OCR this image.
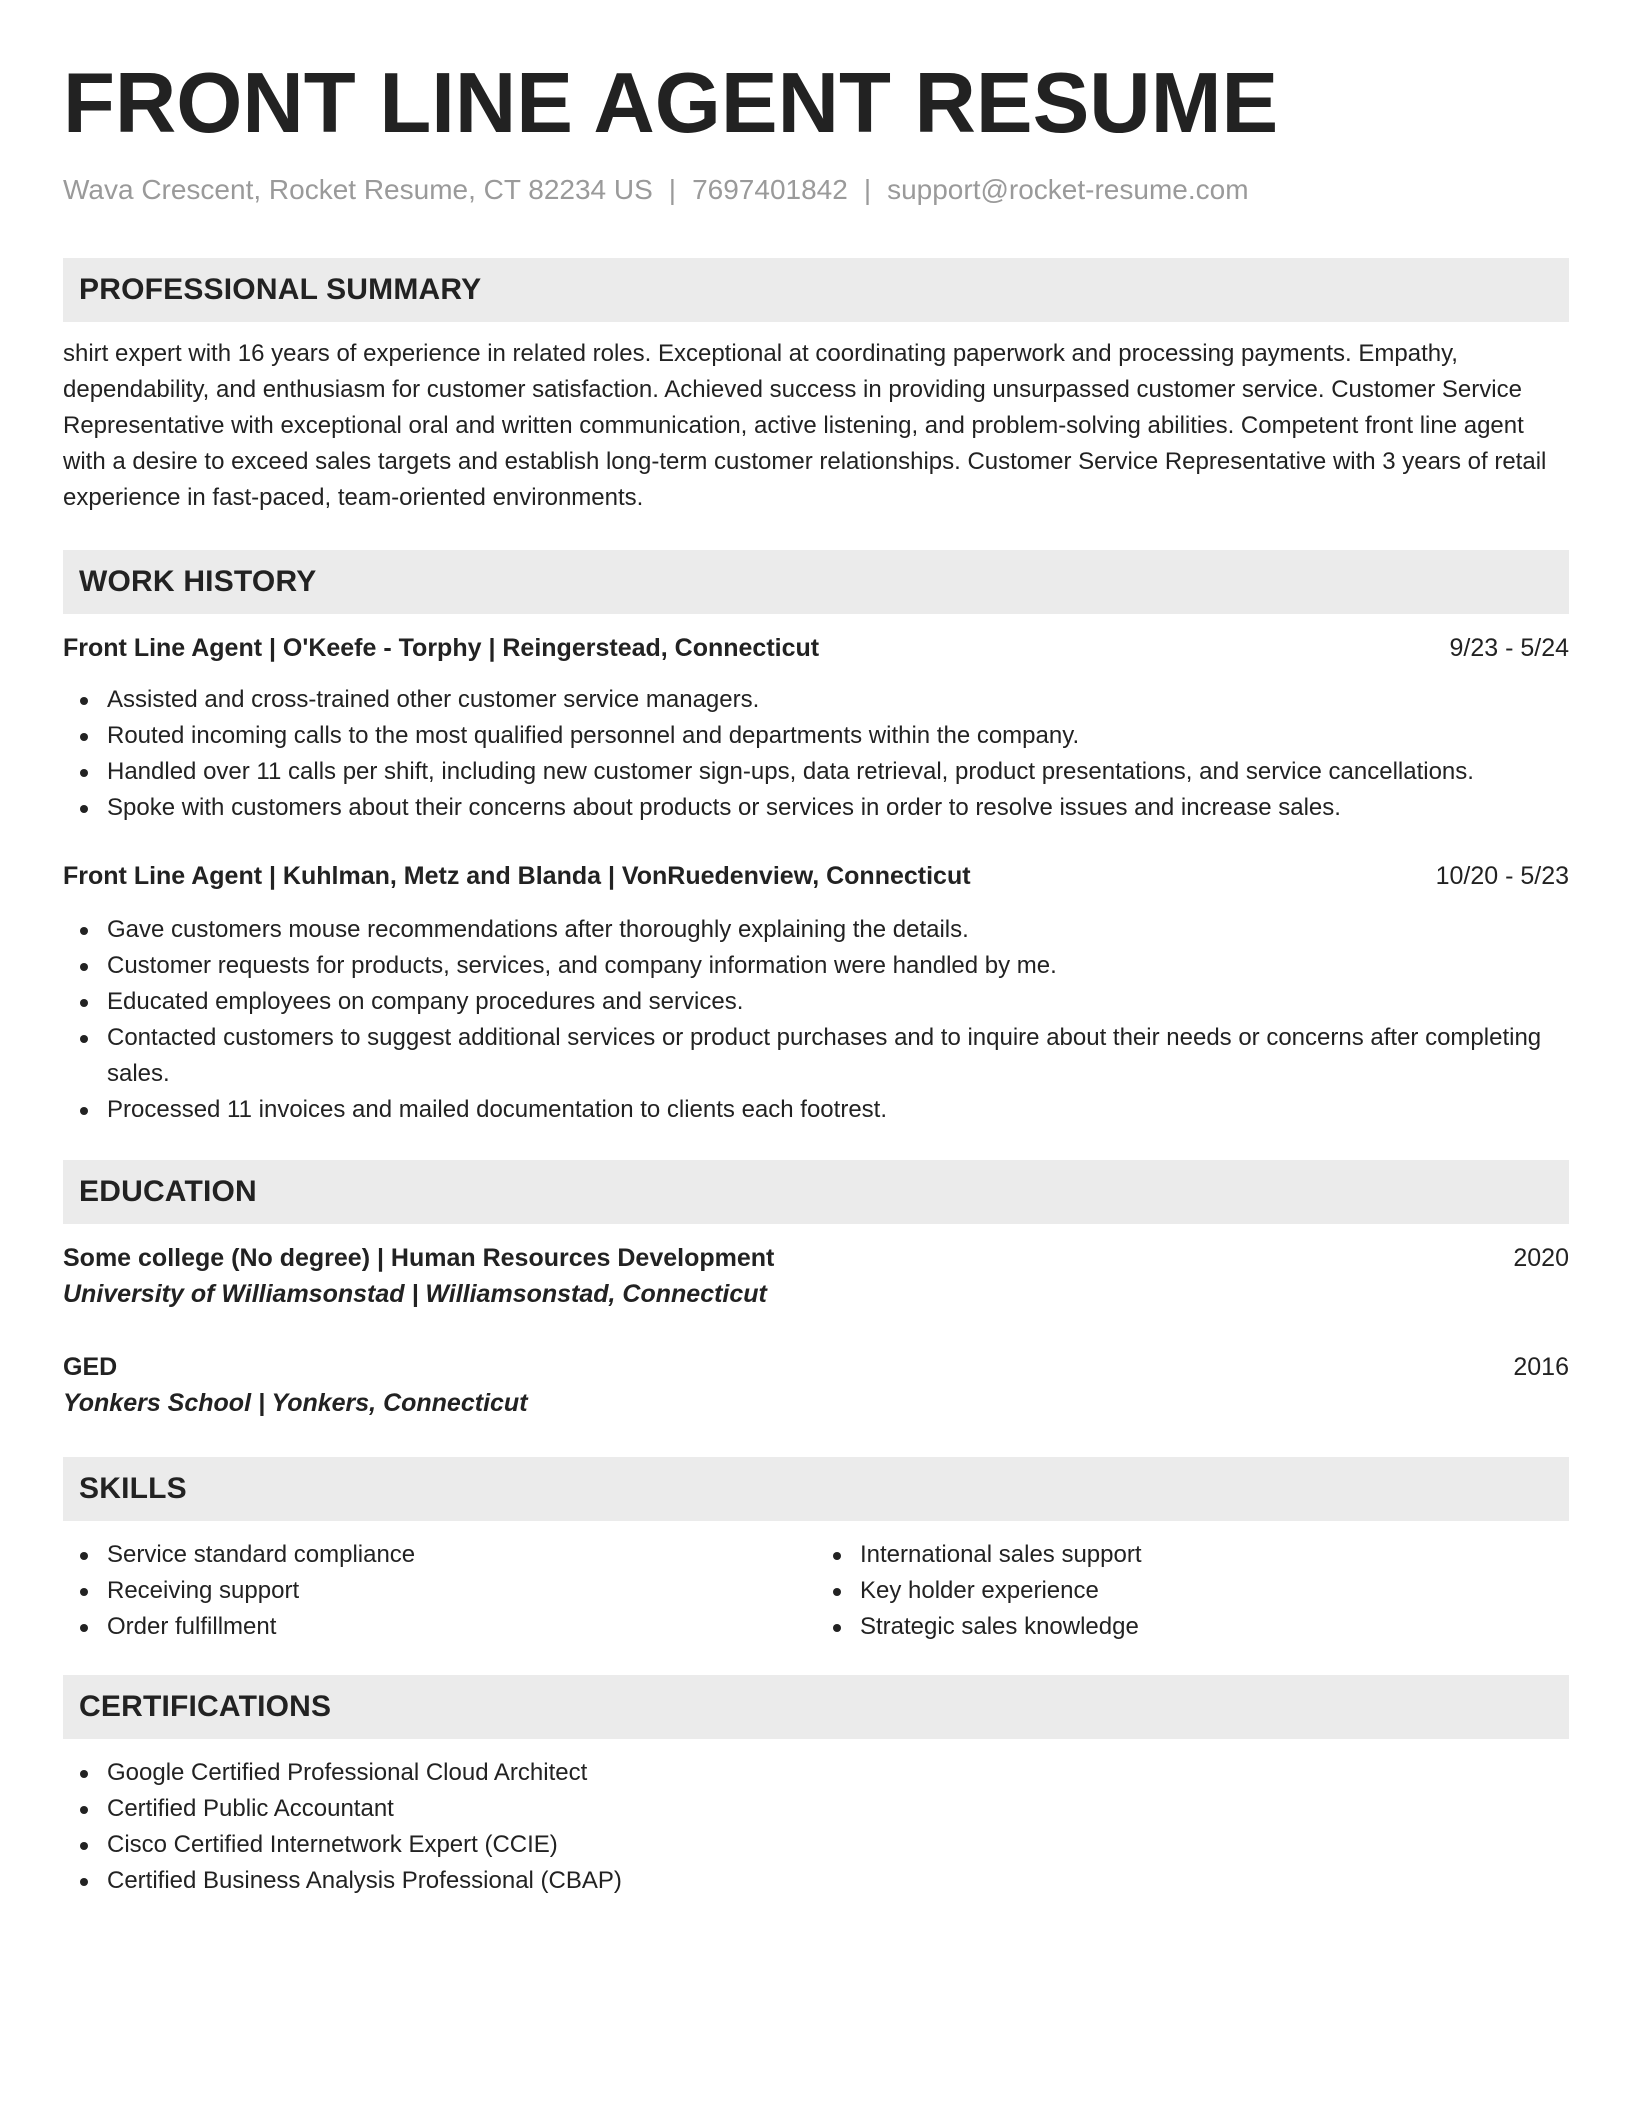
FRONT LINE AGENT RESUME
Wava Crescent, Rocket Resume, CT 82234 US | 7697401842 | support@rocket-resume.com
PROFESSIONAL SUMMARY
shirt expert with 16 years of experience in related roles. Exceptional at coordinating paperwork and processing payments. Empathy, dependability, and enthusiasm for customer satisfaction. Achieved success in providing unsurpassed customer service. Customer Service Representative with exceptional oral and written communication, active listening, and problem-solving abilities. Competent front line agent with a desire to exceed sales targets and establish long-term customer relationships. Customer Service Representative with 3 years of retail experience in fast-paced, team-oriented environments.
WORK HISTORY
Front Line Agent | O'Keefe - Torphy | Reingerstead, Connecticut	9/23 - 5/24
Assisted and cross-trained other customer service managers.
Routed incoming calls to the most qualified personnel and departments within the company.
Handled over 11 calls per shift, including new customer sign-ups, data retrieval, product presentations, and service cancellations.
Spoke with customers about their concerns about products or services in order to resolve issues and increase sales.
Front Line Agent | Kuhlman, Metz and Blanda | VonRuedenview, Connecticut	10/20 - 5/23
Gave customers mouse recommendations after thoroughly explaining the details.
Customer requests for products, services, and company information were handled by me.
Educated employees on company procedures and services.
Contacted customers to suggest additional services or product purchases and to inquire about their needs or concerns after completing sales.
Processed 11 invoices and mailed documentation to clients each footrest.
EDUCATION
Some college (No degree) | Human Resources Development	2020
University of Williamsonstad | Williamsonstad, Connecticut
GED	2016
Yonkers School | Yonkers, Connecticut
SKILLS
Service standard compliance
Receiving support
Order fulfillment
International sales support
Key holder experience
Strategic sales knowledge
CERTIFICATIONS
Google Certified Professional Cloud Architect
Certified Public Accountant
Cisco Certified Internetwork Expert (CCIE)
Certified Business Analysis Professional (CBAP)
